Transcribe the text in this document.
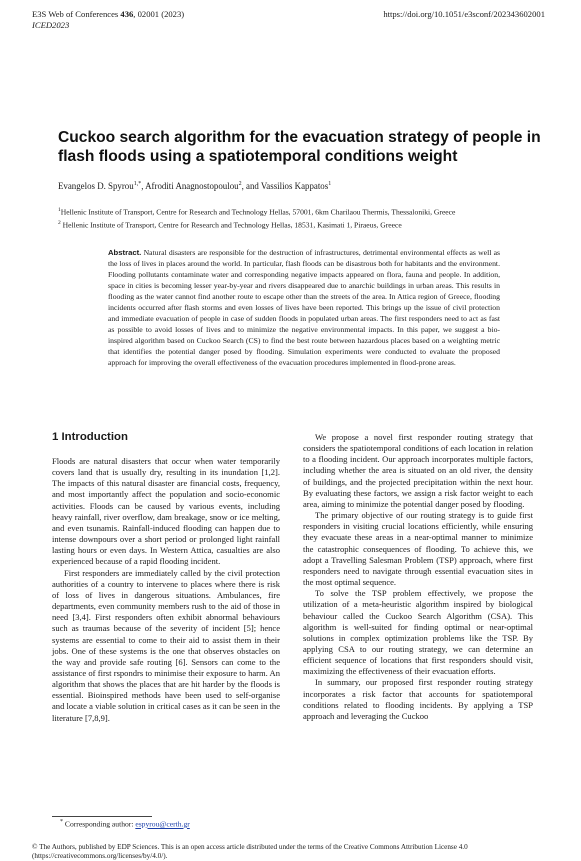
E3S Web of Conferences 436, 02001 (2023)
ICED2023
https://doi.org/10.1051/e3sconf/202343602001
Cuckoo search algorithm for the evacuation strategy of people in flash floods using a spatiotemporal conditions weight
Evangelos D. Spyrou$^{1,*}$, Afroditi Anagnostopoulou$^2$, and Vassilios Kappatos$^1$
$^1$Hellenic Institute of Transport, Centre for Research and Technology Hellas, 57001, 6km Charilaou Thermis, Thessaloniki, Greece
$^2$ Hellenic Institute of Transport, Centre for Research and Technology Hellas, 18531, Kasimati 1, Piraeus, Greece
Abstract. Natural disasters are responsible for the destruction of infrastructures, detrimental environmental effects as well as the loss of lives in places around the world. In particular, flash floods can be disastrous both for habitants and the environment. Flooding pollutants contaminate water and corresponding negative impacts appeared on flora, fauna and people. In addition, space in cities is becoming lesser year-by-year and rivers disappeared due to anarchic buildings in urban areas. This results in flooding as the water cannot find another route to escape other than the streets of the area. In Attica region of Greece, flooding incidents occurred after flash storms and even losses of lives have been reported. This brings up the issue of civil protection and immediate evacuation of people in case of sudden floods in populated urban areas. The first responders need to act as fast as possible to avoid losses of lives and to minimize the negative environmental impacts. In this paper, we suggest a bio-inspired algorithm based on Cuckoo Search (CS) to find the best route between hazardous places based on a weighting metric that identifies the potential danger posed by flooding. Simulation experiments were conducted to evaluate the proposed approach for improving the overall effectiveness of the evacuation procedures implemented in flood-prone areas.
1 Introduction

Floods are natural disasters that occur when water temporarily covers land that is usually dry, resulting in its inundation [1,2]. The impacts of this natural disaster are financial costs, frequency, and most importantly affect the population and socio-economic activities. Floods can be caused by various events, including heavy rainfall, river overflow, dam breakage, snow or ice melting, and even tsunamis. Rainfall-induced flooding can happen due to intense downpours over a short period or prolonged light rainfall lasting hours or even days. In Western Attica, casualties are also experienced because of a rapid flooding incident.

First responders are immediately called by the civil protection authorities of a country to intervene to places where there is risk of loss of lives in dangerous situations. Ambulances, fire departments, even community members rush to the aid of those in need [3,4]. First responders often exhibit abnormal behaviours such as traumas because of the severity of incident [5]; hence systems are essential to come to their aid to assist them in their jobs. One of these systems is the one that observes obstacles on the way and provide safe routing [6]. Sensors can come to the assistance of first rspondrs to minimise their exposure to harm. An algorithm that shows the places that are hit harder by the floods is essential. Bioinspired methods have been used to self-organise and locate a viable solution in critical cases as it can be seen in the literature [7,8,9].

We propose a novel first responder routing strategy that considers the spatiotemporal conditions of each location in relation to a flooding incident. Our approach incorporates multiple factors, including whether the area is situated on an old river, the density of buildings, and the projected precipitation within the next hour. By evaluating these factors, we assign a risk factor weight to each area, aiming to minimize the potential danger posed by flooding.

The primary objective of our routing strategy is to guide first responders in visiting crucial locations efficiently, while ensuring they evacuate these areas in a near-optimal manner to minimize the catastrophic consequences of flooding. To achieve this, we adopt a Travelling Salesman Problem (TSP) approach, where first responders need to navigate through essential evacuation sites in the most optimal sequence.

To solve the TSP problem effectively, we propose the utilization of a meta-heuristic algorithm inspired by biological behaviour called the Cuckoo Search Algorithm (CSA). This algorithm is well-suited for finding optimal or near-optimal solutions in complex optimization problems like the TSP. By applying CSA to our routing strategy, we can determine an efficient sequence of locations that first responders should visit, maximizing the effectiveness of their evacuation efforts.

In summary, our proposed first responder routing strategy incorporates a risk factor that accounts for spatiotemporal conditions related to flooding incidents. By applying a TSP approach and leveraging the Cuckoo

* Corresponding author: espyrou@certh.gr
© The Authors, published by EDP Sciences. This is an open access article distributed under the terms of the Creative Commons Attribution License 4.0 (https://creativecommons.org/licenses/by/4.0/).
